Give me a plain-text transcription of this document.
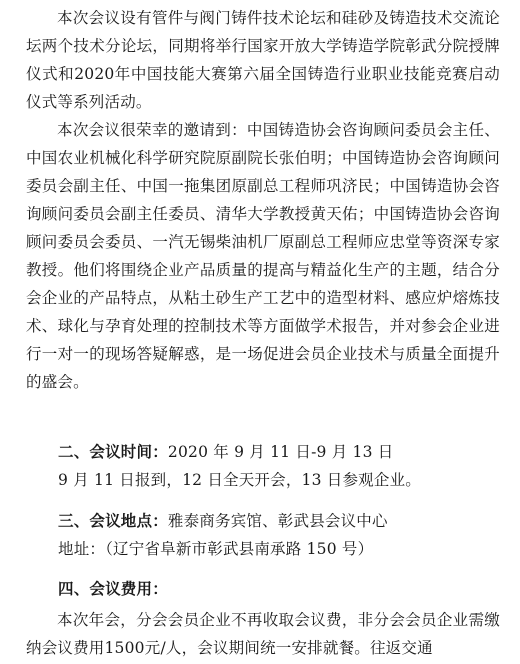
本次会议设有管件与阀门铸件技术论坛和硅砂及铸造技术交流论坛两个技术分论坛，同期将举行国家开放大学铸造学院彰武分院授牌仪式和2020年中国技能大赛第六届全国铸造行业职业技能竞赛启动仪式等系列活动。

本次会议很荣幸的邀请到：中国铸造协会咨询顾问委员会主任、中国农业机械化科学研究院原副院长张伯明；中国铸造协会咨询顾问委员会副主任、中国一拖集团原副总工程师巩济民；中国铸造协会咨询顾问委员会副主任委员、清华大学教授黄天佑；中国铸造协会咨询顾问委员会委员、一汽无锡柴油机厂原副总工程师应忠堂等资深专家教授。他们将围绕企业产品质量的提高与精益化生产的主题，结合分会企业的产品特点，从粘土砂生产工艺中的造型材料、感应炉熔炼技术、球化与孕育处理的控制技术等方面做学术报告，并对参会企业进行一对一的现场答疑解惑，是一场促进会员企业技术与质量全面提升的盛会。

二、会议时间：2020 年 9 月 11 日-9 月 13 日

9 月 11 日报到，12 日全天开会，13 日参观企业。

三、会议地点：雅泰商务宾馆、彰武县会议中心

地址：（辽宁省阜新市彰武县南承路 150 号）

四、会议费用：

本次年会，分会会员企业不再收取会议费，非分会会员企业需缴纳会议费用1500元/人，会议期间统一安排就餐。往返交通
